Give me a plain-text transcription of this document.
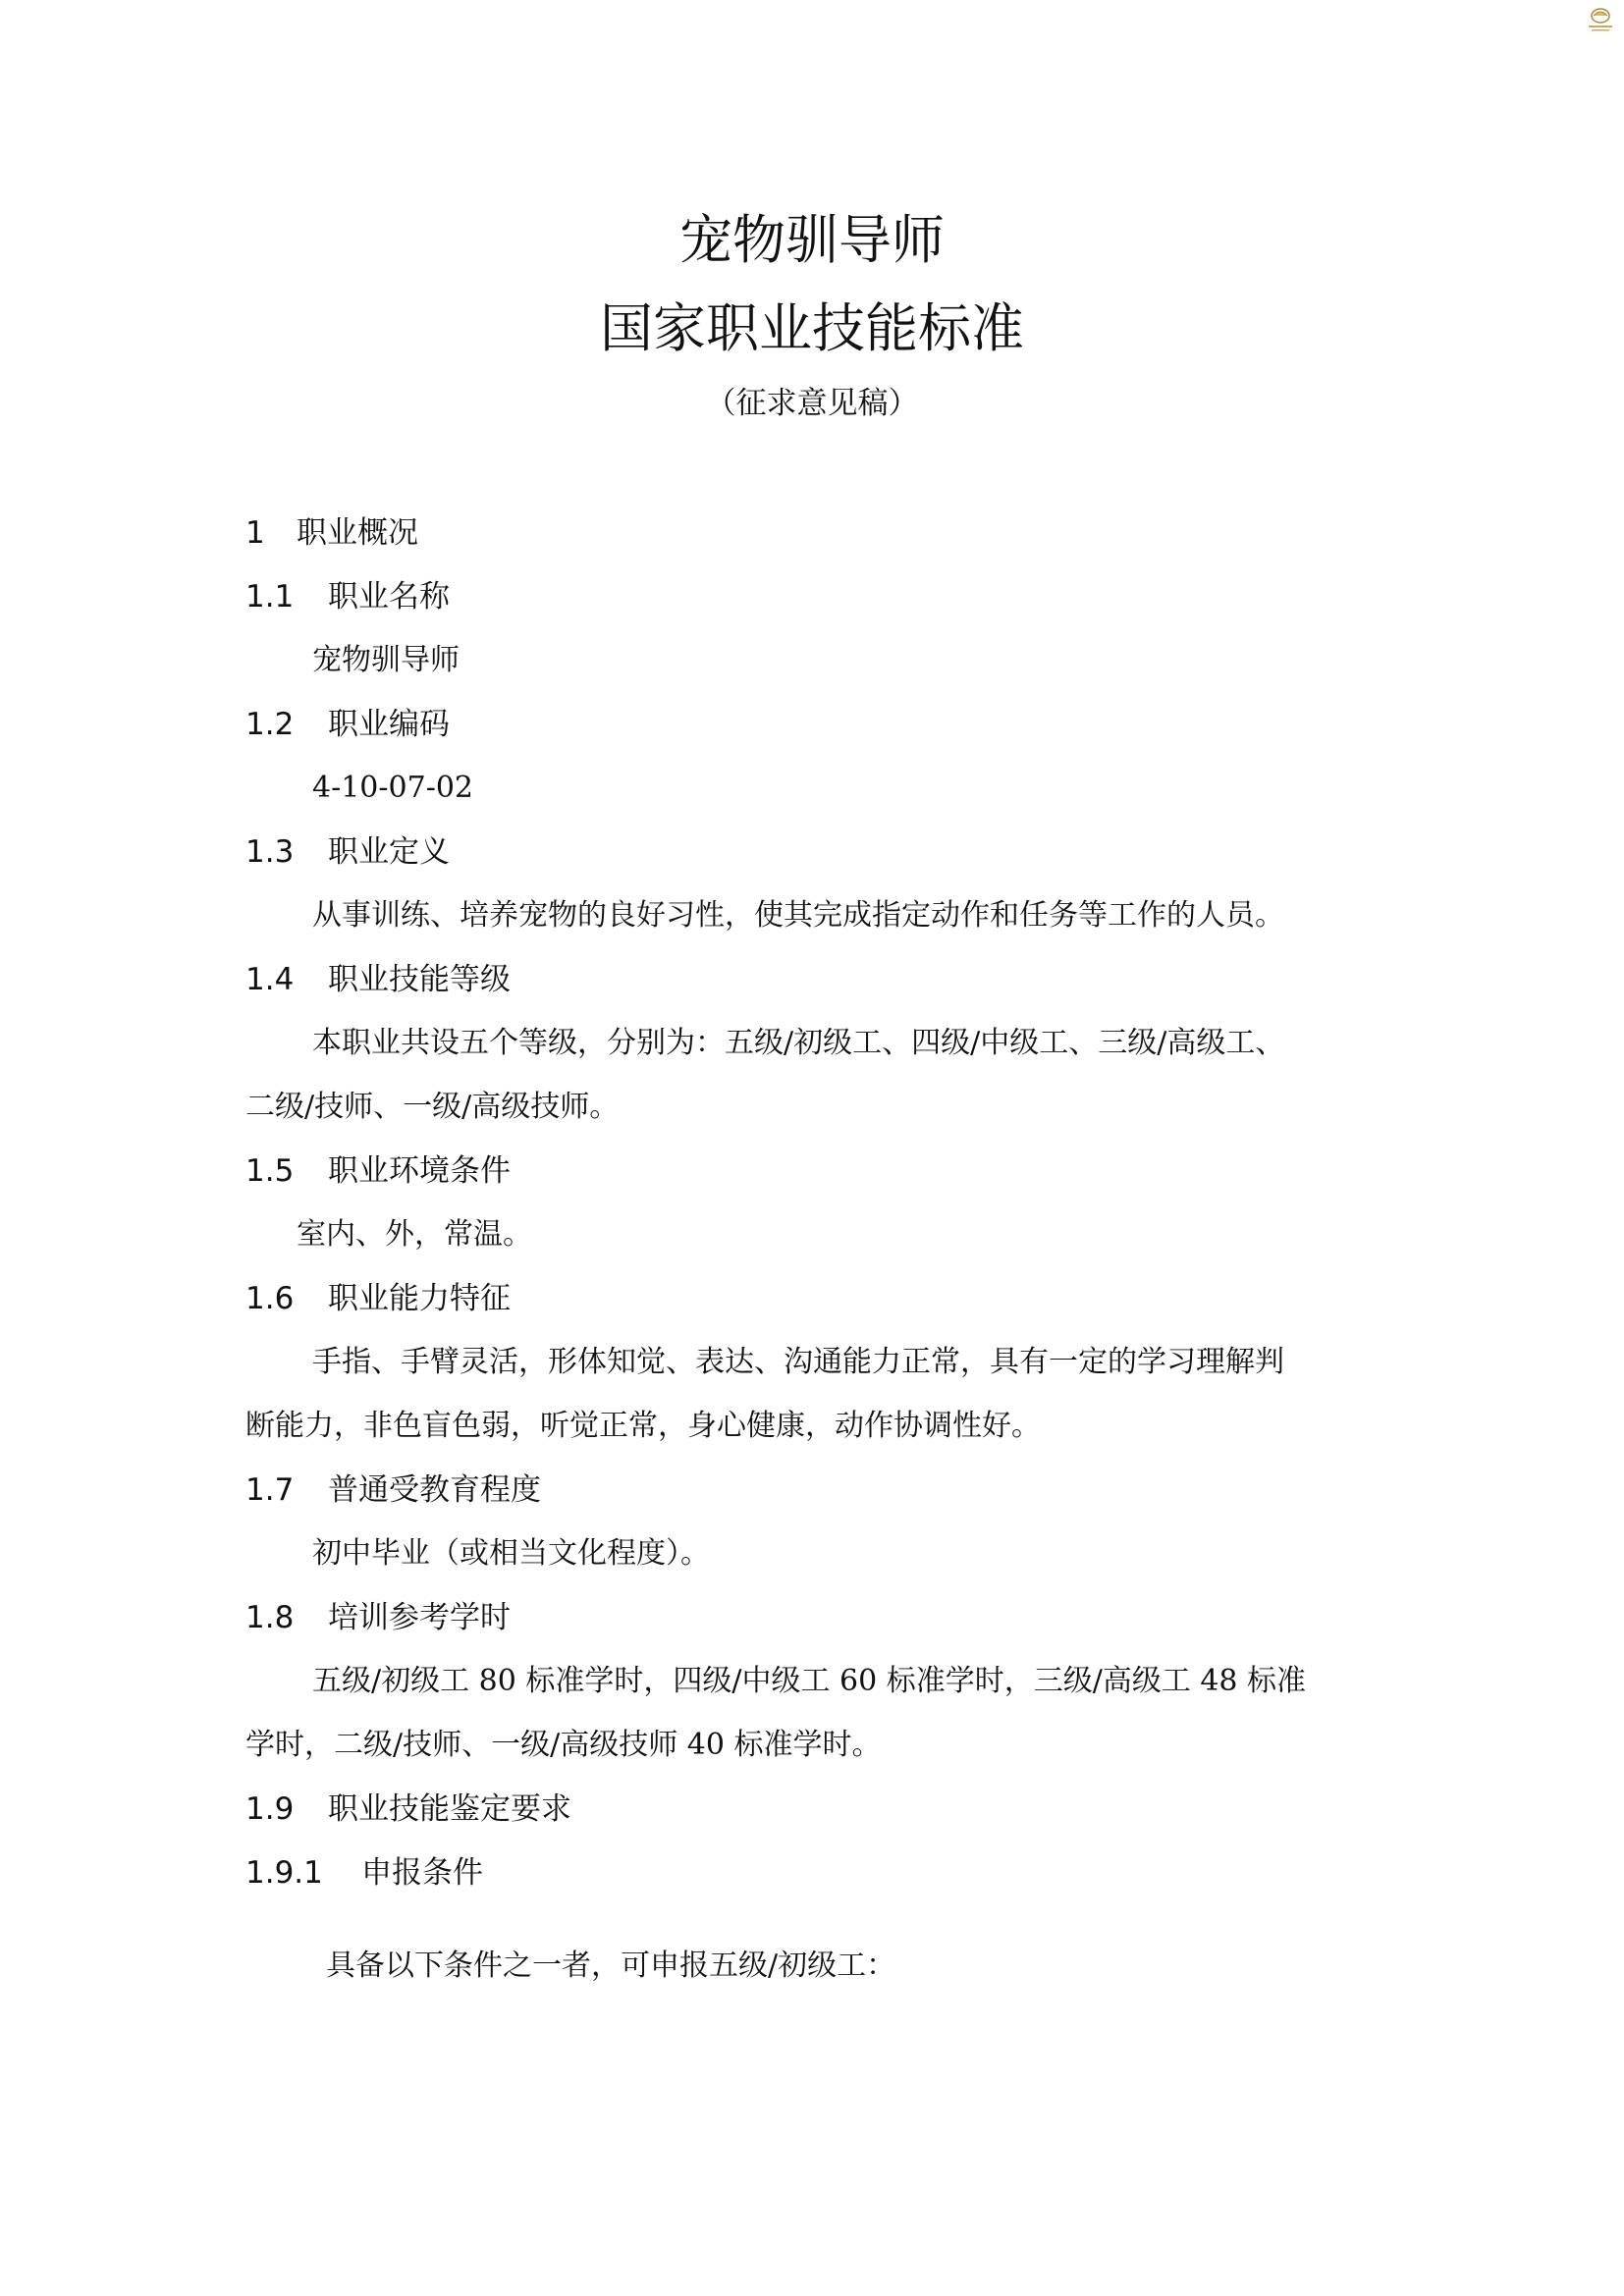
宠物驯导师
国家职业技能标准
（征求意见稿）
1	职业概况
1.1	职业名称

宠物驯导师

1.2	职业编码

4-10-07-02

1.3	职业定义

从事训练、培养宠物的良好习性，使其完成指定动作和任务等工作的人员。

1.4	职业技能等级

本职业共设五个等级，分别为：五级/初级工、四级/中级工、三级/高级工、

二级/技师、一级/高级技师。

1.5	职业环境条件

室内、外，常温。

1.6	职业能力特征

手指、手臂灵活，形体知觉、表达、沟通能力正常，具有一定的学习理解判

断能力，非色盲色弱，听觉正常，身心健康，动作协调性好。

1.7	普通受教育程度

初中毕业（或相当文化程度）。

1.8	培训参考学时

五级/初级工 80 标准学时，四级/中级工 60 标准学时，三级/高级工 48 标准

学时，二级/技师、一级/高级技师 40 标准学时。

1.9	职业技能鉴定要求
1.9.1	申报条件

具备以下条件之一者，可申报五级/初级工：
